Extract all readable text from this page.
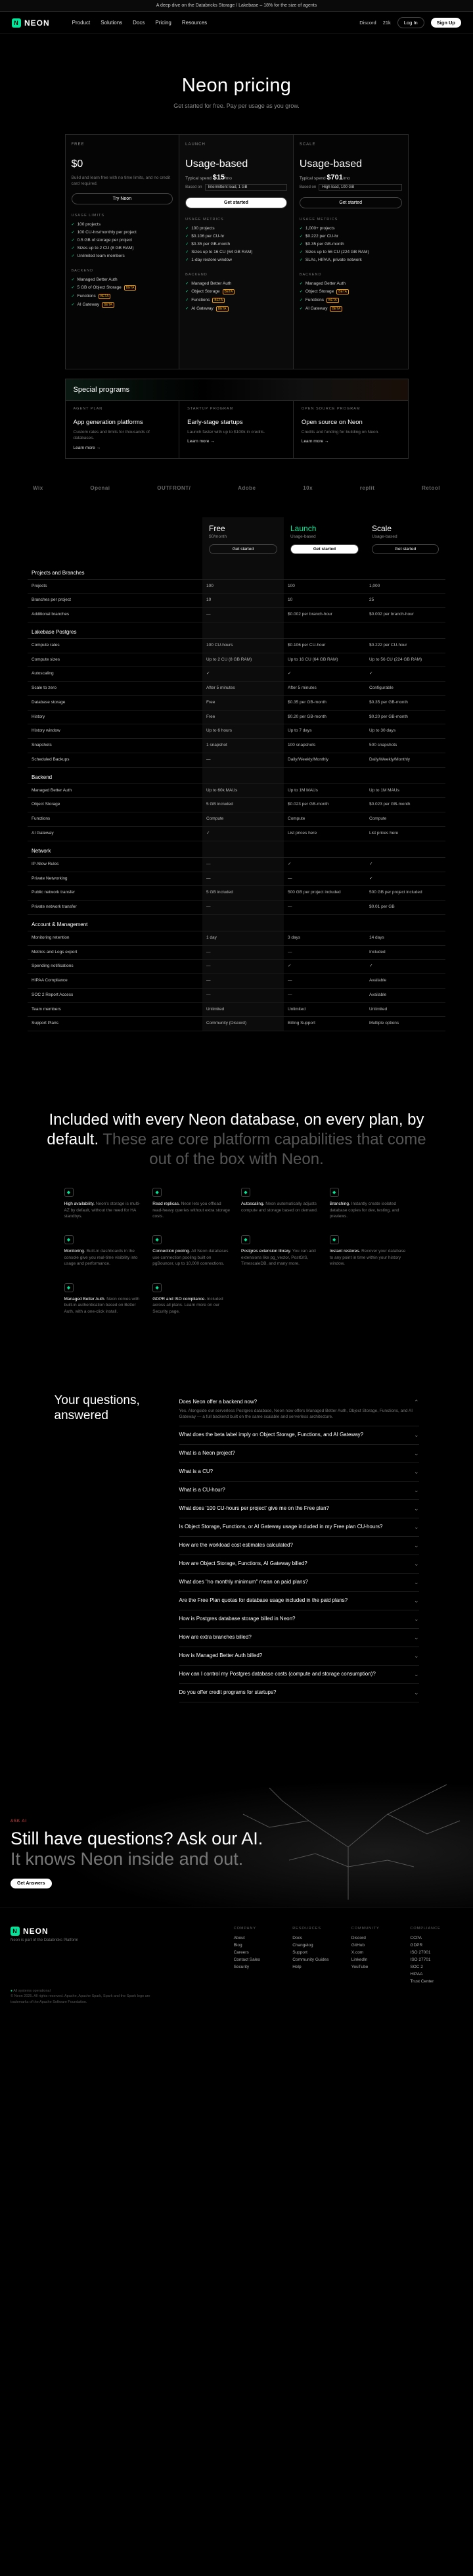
A deep dive on the Databricks Storage / Lakebase – 18% for the size of agents
N NEON	Product Solutions Docs Pricing Resources	Discord 21k	Log In	Sign Up
Neon pricing

Get started for free. Pay per usage as you grow.

FREE
$0
Build and learn free with no time limits, and no credit card required.
Try Neon
USAGE LIMITS
✓ 100 projects
✓ 100 CU-hrs/monthly per project
✓ 0.5 GB of storage per project
✓ Sizes up to 2 CU (8 GB RAM)
✓ Unlimited team members
BACKEND
✓ Managed Better Auth
✓ 5 GB of Object Storage	BETA
✓ Functions	BETA
✓ AI Gateway	BETA
LAUNCH
Usage-based
Typical spend $15/mo
Based on	Intermittent load, 1 GB
Get started
USAGE METRICS
✓ 100 projects
✓ $0.106 per CU-hr
✓ $0.35 per GB-month
✓ Sizes up to 16 CU (64 GB RAM)
✓ 1-day restore window
BACKEND
✓ Managed Better Auth
✓ Object Storage	BETA
✓ Functions	BETA
✓ AI Gateway	BETA
SCALE
Usage-based
Typical spend $701/mo
Based on	High load, 100 GB
Get started
USAGE METRICS
✓ 1,000+ projects
✓ $0.222 per CU-hr
✓ $0.35 per GB-month
✓ Sizes up to 56 CU (224 GB RAM)
✓ SLAs, HIPAA, private network
BACKEND
✓ Managed Better Auth
✓ Object Storage	BETA
✓ Functions	BETA
✓ AI Gateway	BETA
Special programs
AGENT PLAN
App generation platforms
Custom rates and limits for thousands of databases.
Learn more →
STARTUP PROGRAM
Early-stage startups
Launch faster with up to $100k in credits.
Learn more →
OPEN SOURCE PROGRAM
Open source on Neon
Credits and funding for building on Neon.
Learn more →
Wix	Openai	OUTFRONT/	Adobe	10x	replit	Retool
Free
$0/month
Get started
Launch
Usage-based
Get started
Scale
Usage-based
Get started
Projects and Branches
Projects	100	100	1,000
Branches per project	10	10	25
Additional branches	—	$0.002 per branch-hour	$0.002 per branch-hour
Lakebase Postgres
Compute rates	100 CU-hours	$0.106 per CU-hour	$0.222 per CU-hour
Compute sizes	Up to 2 CU (8 GB RAM)	Up to 16 CU (64 GB RAM)	Up to 56 CU (224 GB RAM)
Autoscaling	✓	✓	✓
Scale to zero	After 5 minutes	After 5 minutes	Configurable
Database storage	Free	$0.35 per GB-month	$0.35 per GB-month
History	Free	$0.20 per GB-month	$0.20 per GB-month
History window	Up to 6 hours	Up to 7 days	Up to 30 days
Snapshots	1 snapshot	100 snapshots	500 snapshots
Scheduled Backups	—	Daily/Weekly/Monthly	Daily/Weekly/Monthly
Backend
Managed Better Auth	Up to 60k MAUs	Up to 1M MAUs	Up to 1M MAUs
Object Storage	5 GB included	$0.023 per GB-month	$0.023 per GB-month
Functions	Compute	Compute	Compute
AI Gateway	✓	List prices here	List prices here
Network
IP Allow Rules	—	✓	✓
Private Networking	—	—	✓
Public network transfer	5 GB included	500 GB per project included	500 GB per project included
Private network transfer	—	—	$0.01 per GB
Account & Management
Monitoring retention	1 day	3 days	14 days
Metrics and Logs export	—	—	Included
Spending notifications	—	✓	✓
HIPAA Compliance	—	—	Available
SOC 2 Report Access	—	—	Available
Team members	Unlimited	Unlimited	Unlimited
Support Plans	Community (Discord)	Billing Support	Multiple options
Included with every Neon database, on every plan, by default. These are core platform capabilities that come out of the box with Neon.
◆

High availability. Neon's storage is multi-AZ by default, without the need for HA standbys.

◆

Read replicas. Neon lets you offload read-heavy queries without extra storage costs.

◆

Autoscaling. Neon automatically adjusts compute and storage based on demand.

◆

Branching. Instantly create isolated database copies for dev, testing, and previews.

◆

Monitoring. Built-in dashboards in the console give you real-time visibility into usage and performance.

◆

Connection pooling. All Neon databases use connection pooling built on pgBouncer, up to 10,000 connections.

◆

Postgres extension library. You can add extensions like pg_vector, PostGIS, TimescaleDB, and many more.

◆

Instant restores. Recover your database to any point in time within your history window.

◆

Managed Better Auth. Neon comes with built-in authentication based on Better Auth, with a one-click install.

◆

GDPR and ISO compliance. Included across all plans. Learn more on our Security page.

Your questions, answered
Does Neon offer a backend now?
Yes. Alongside our serverless Postgres database, Neon now offers Managed Better Auth, Object Storage, Functions, and AI Gateway — a full backend built on the same scalable and serverless architecture.
⌃
What does the beta label imply on Object Storage, Functions, and AI Gateway?	⌄
What is a Neon project?	⌄
What is a CU?	⌄
What is a CU-hour?	⌄
What does '100 CU-hours per project' give me on the Free plan?	⌄
Is Object Storage, Functions, or AI Gateway usage included in my Free plan CU-hours?	⌄
How are the workload cost estimates calculated?	⌄
How are Object Storage, Functions, AI Gateway billed?	⌄
What does "no monthly minimum" mean on paid plans?	⌄
Are the Free Plan quotas for database usage included in the paid plans?	⌄
How is Postgres database storage billed in Neon?	⌄
How are extra branches billed?	⌄
How is Managed Better Auth billed?	⌄
How can I control my Postgres database costs (compute and storage consumption)?	⌄
Do you offer credit programs for startups?	⌄
ASK AI
Still have questions? Ask our AI.
It knows Neon inside and out.
Get Answers
N NEON
Neon is part of the Databricks Platform
● All systems operational
© Neon 2025. All rights reserved. Apache, Apache Spark, Spark and the Spark logo are trademarks of the Apache Software Foundation.
COMPANY
About
Blog
Careers
Contact Sales
Security
RESOURCES
Docs
Changelog
Support
Community Guides
Help
COMMUNITY
Discord
GitHub
X.com
LinkedIn
YouTube
COMPLIANCE
CCPA
GDPR
ISO 27001
ISO 27701
SOC 2
HIPAA
Trust Center
